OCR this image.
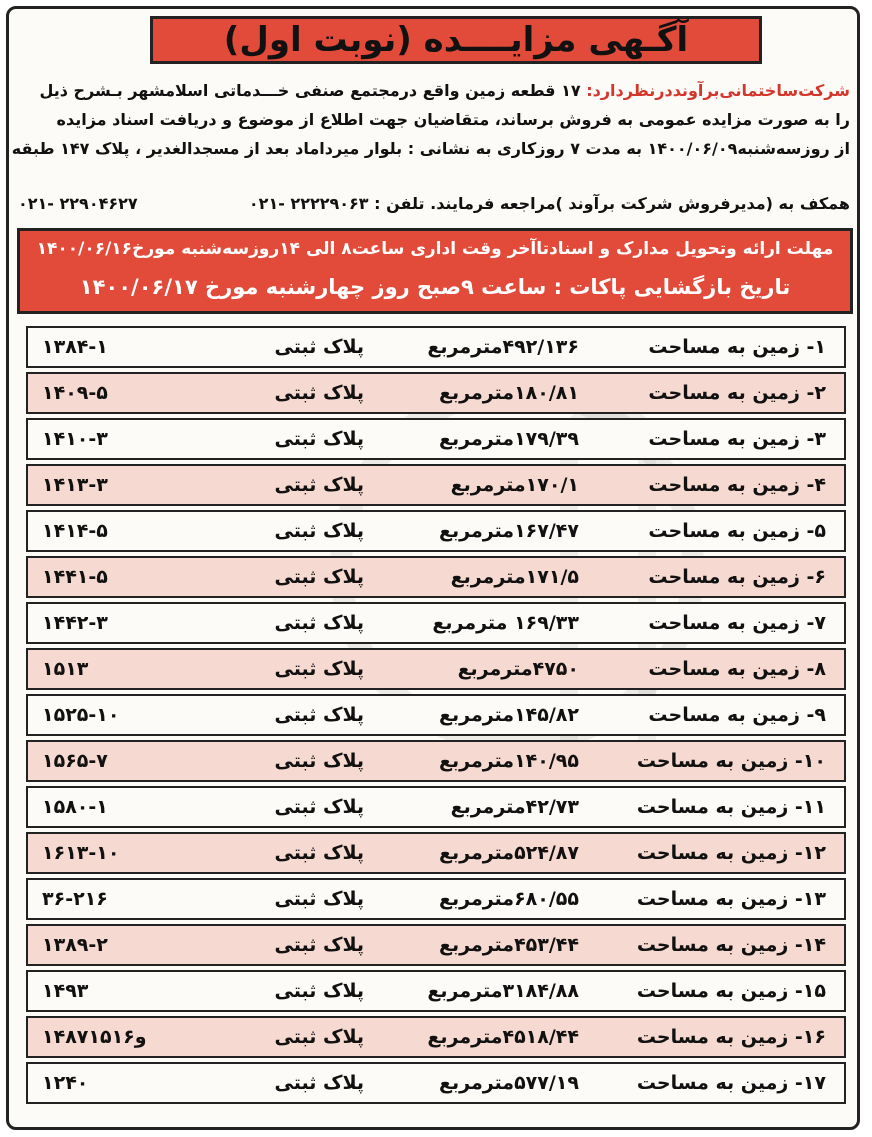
آگـهی مزایــــده (نوبت اول)
شرکت‌ساختمانی‌برآونددرنظردارد: ۱۷ قطعه زمین واقع درمجتمع صنفی خـــدماتی اسلامشهر بـشرح ذیل
را به صورت مزایده عمومی به فروش برساند، متقاضیان جهت اطلاع از موضوع و دریافت اسناد مزایده
از روزسه‌شنبه۱۴۰۰/۰۶/۰۹ به مدت ۷ روزکاری به نشانی : بلوار میرداماد بعد از مسجدالغدیر ، پلاک ۱۴۷ طبقه
همکف به (مدیرفروش شرکت برآوند )مراجعه فرمایند. تلفن : ۲۲۲۲۹۰۶۳ -۰۲۱
۲۲۹۰۴۶۲۷ -۰۲۱
مهلت ارائه وتحویل مدارک و اسنادتاآخر وقت اداری ساعت۸ الی ۱۴روزسه‌شنبه مورخ۱۴۰۰/۰۶/۱۶
تاریخ بازگشایی پاکات : ساعت ۹صبح روز چهارشنبه مورخ ۱۴۰۰/۰۶/۱۷
۱- زمین به مساحت
۴۹۲/۱۳۶مترمربع
پلاک ثبتی
۱۳۸۴-۱
۲- زمین به مساحت
۱۸۰/۸۱مترمربع
پلاک ثبتی
۱۴۰۹-۵
۳- زمین به مساحت
۱۷۹/۳۹مترمربع
پلاک ثبتی
۱۴۱۰-۳
۴- زمین به مساحت
۱۷۰/۱مترمربع
پلاک ثبتی
۱۴۱۳-۳
۵- زمین به مساحت
۱۶۷/۴۷مترمربع
پلاک ثبتی
۱۴۱۴-۵
۶- زمین به مساحت
۱۷۱/۵مترمربع
پلاک ثبتی
۱۴۴۱-۵
۷- زمین به مساحت
۱۶۹/۳۳ مترمربع
پلاک ثبتی
۱۴۴۲-۳
۸- زمین به مساحت
۴۷۵۰مترمربع
پلاک ثبتی
۱۵۱۳
۹- زمین به مساحت
۱۴۵/۸۲مترمربع
پلاک ثبتی
۱۵۲۵-۱۰
۱۰- زمین به مساحت
۱۴۰/۹۵مترمربع
پلاک ثبتی
۱۵۶۵-۷
۱۱- زمین به مساحت
۴۲/۷۳مترمربع
پلاک ثبتی
۱۵۸۰-۱
۱۲- زمین به مساحت
۵۲۴/۸۷مترمربع
پلاک ثبتی
۱۶۱۳-۱۰
۱۳- زمین به مساحت
۶۸۰/۵۵مترمربع
پلاک ثبتی
۳۶-۲۱۶
۱۴- زمین به مساحت
۴۵۳/۴۴مترمربع
پلاک ثبتی
۱۳۸۹-۲
۱۵- زمین به مساحت
۳۱۸۴/۸۸مترمربع
پلاک ثبتی
۱۴۹۳
۱۶- زمین به مساحت
۴۵۱۸/۴۴مترمربع
پلاک ثبتی
۱۴۸۷و۱۵۱۶
۱۷- زمین به مساحت
۵۷۷/۱۹مترمربع
پلاک ثبتی
۱۲۴۰
